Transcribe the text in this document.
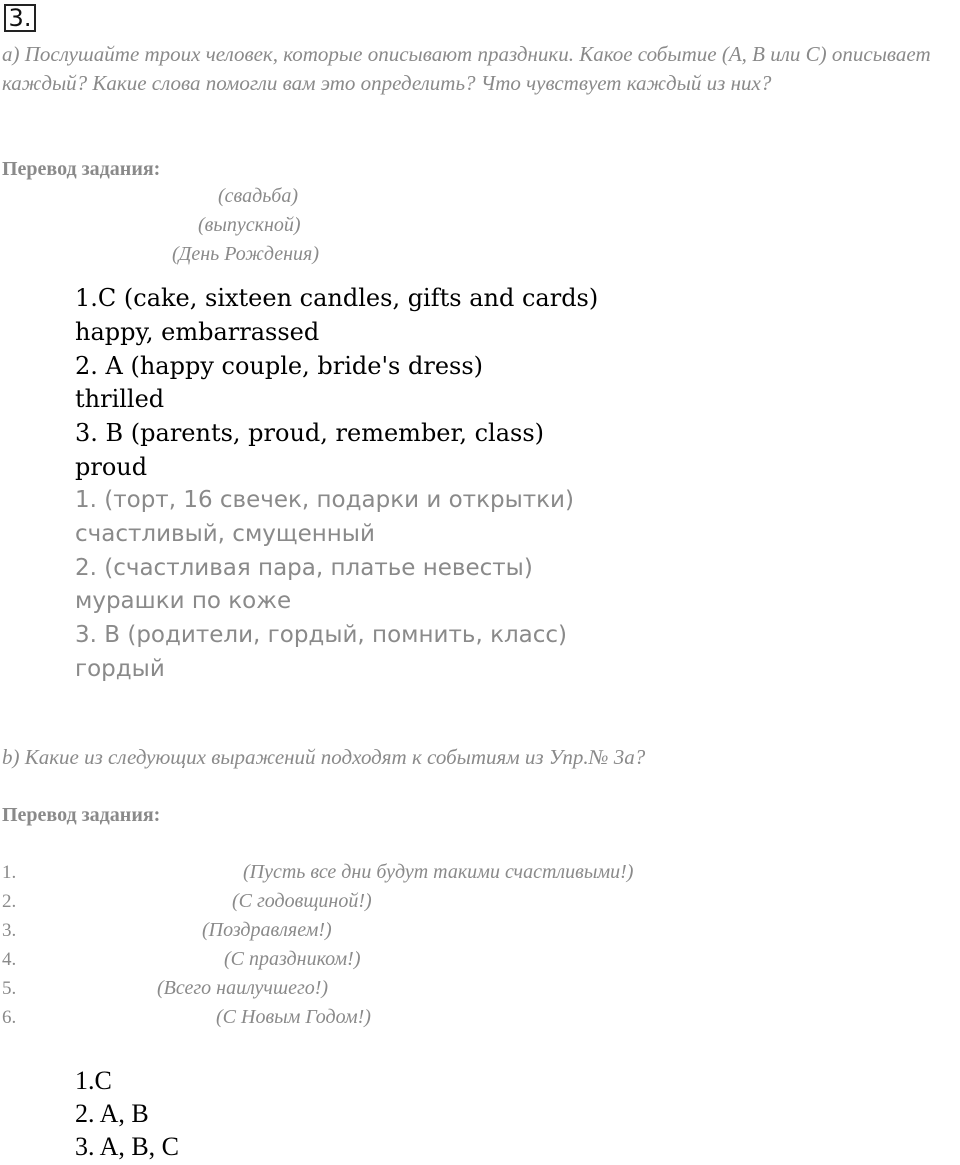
3.
a) Послушайте троих человек, которые описывают праздники. Какое событие (A, B или C) описывает каждый? Какие слова помогли вам это определить? Что чувствует каждый из них?
Перевод задания:
(свадьба)
(выпускной)
(День Рождения)
1.C (cake, sixteen candles, gifts and cards)
happy, embarrassed
2. A (happy couple, bride's dress)
thrilled
3. B (parents, proud, remember, class)
proud
1. (торт, 16 свечек, подарки и открытки)
счастливый, смущенный
2. (счастливая пара, платье невесты)
мурашки по коже
3. B (родители, гордый, помнить, класс)
гордый
b) Какие из следующих выражений подходят к событиям из Упр.№ 3a?
Перевод задания:
1.	(Пусть все дни будут такими счастливыми!)
2.	(С годовщиной!)
3.	(Поздравляем!)
4.	(С праздником!)
5.	(Всего наилучшего!)
6.	(С Новым Годом!)
1.C
2. A, B
3. A, B, C
